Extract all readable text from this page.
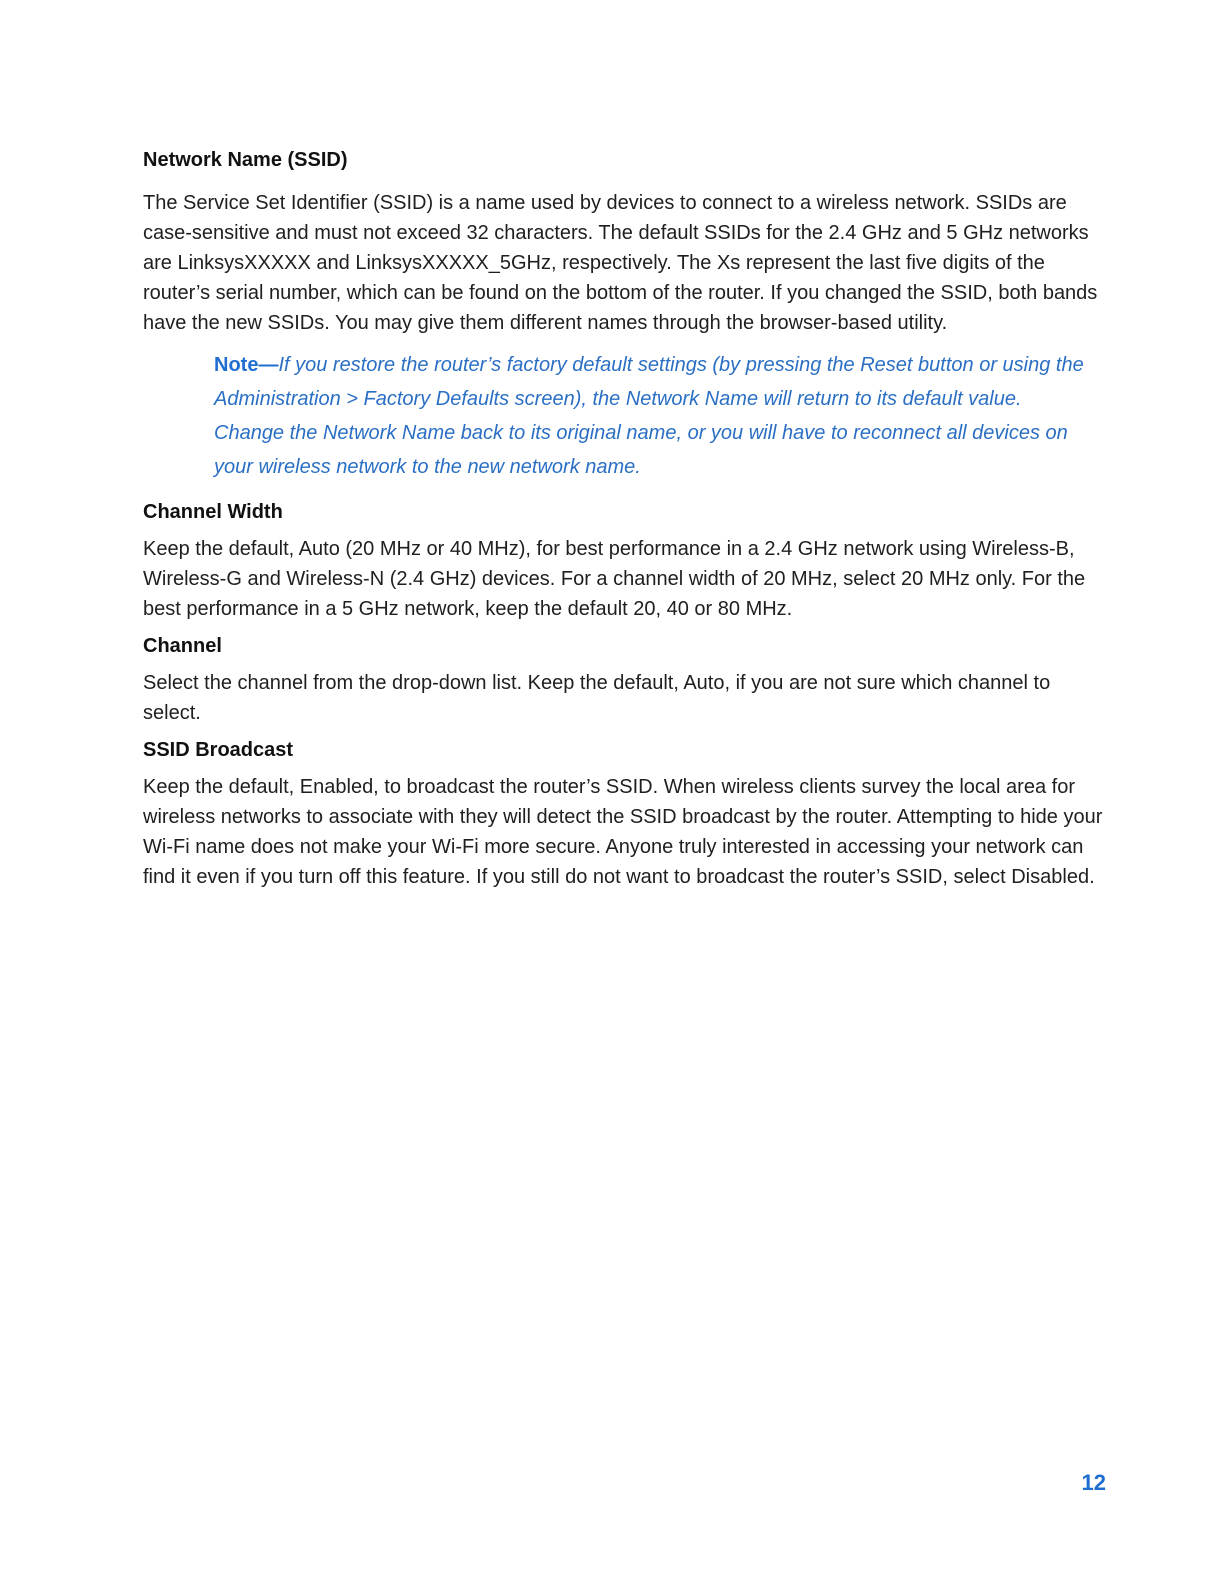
Network Name (SSID)

The Service Set Identifier (SSID) is a name used by devices to connect to a wireless network. SSIDs are case-sensitive and must not exceed 32 characters. The default SSIDs for the 2.4 GHz and 5 GHz networks are LinksysXXXXX and LinksysXXXXX_5GHz, respectively. The Xs represent the last five digits of the router’s serial number, which can be found on the bottom of the router. If you changed the SSID, both bands have the new SSIDs. You may give them different names through the browser-based utility.

Note—If you restore the router’s factory default settings (by pressing the Reset button or using the Administration > Factory Defaults screen), the Network Name will return to its default value. Change the Network Name back to its original name, or you will have to reconnect all devices on your wireless network to the new network name.

Channel Width

Keep the default, Auto (20 MHz or 40 MHz), for best performance in a 2.4 GHz network using Wireless-B, Wireless-G and Wireless-N (2.4 GHz) devices. For a channel width of 20 MHz, select 20 MHz only. For the best performance in a 5 GHz network, keep the default 20, 40 or 80 MHz.

Channel

Select the channel from the drop-down list. Keep the default, Auto, if you are not sure which channel to select.

SSID Broadcast

Keep the default, Enabled, to broadcast the router’s SSID. When wireless clients survey the local area for wireless networks to associate with they will detect the SSID broadcast by the router. Attempting to hide your Wi-Fi name does not make your Wi-Fi more secure. Anyone truly interested in accessing your network can find it even if you turn off this feature. If you still do not want to broadcast the router’s SSID, select Disabled.

12
